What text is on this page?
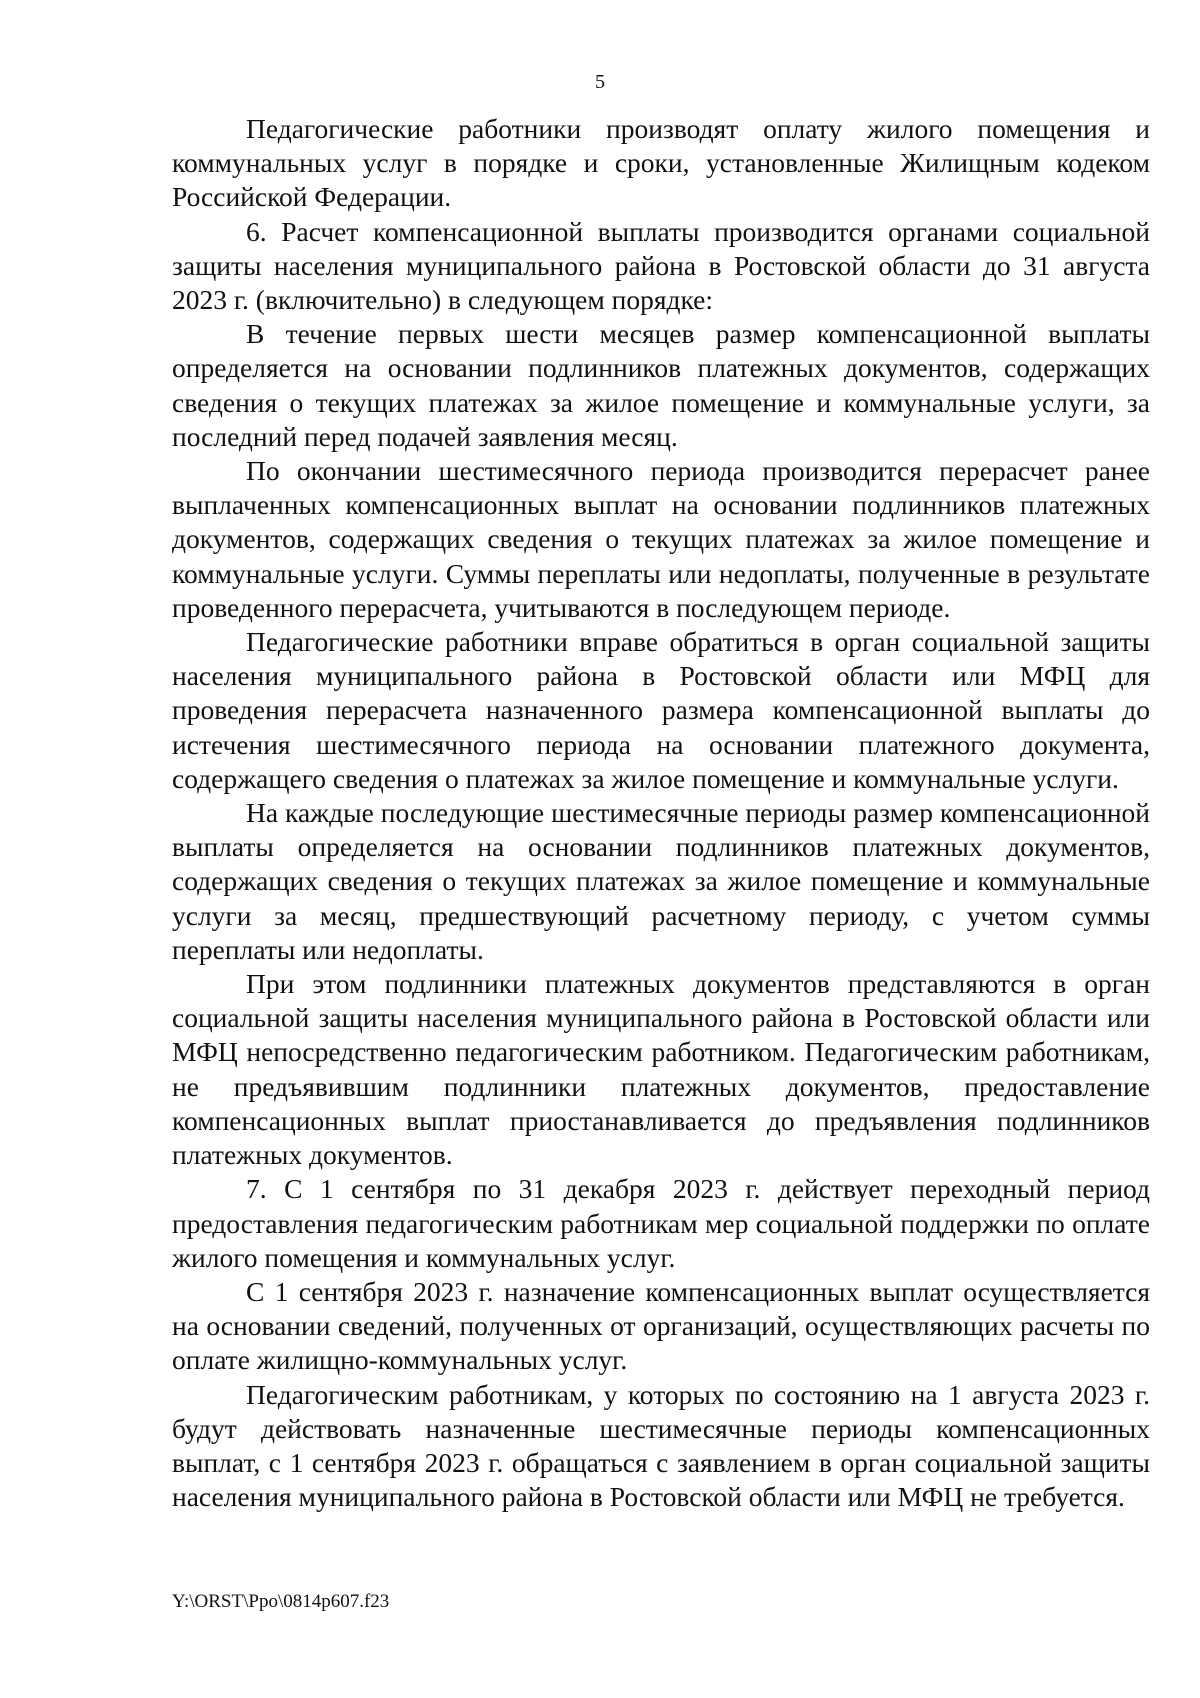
5

Педагогические работники производят оплату жилого помещения и коммунальных услуг в порядке и сроки, установленные Жилищным кодеком Российской Федерации.

6. Расчет компенсационной выплаты производится органами социальной защиты населения муниципального района в Ростовской области до 31 августа 2023 г. (включительно) в следующем порядке:

В течение первых шести месяцев размер компенсационной выплаты определяется на основании подлинников платежных документов, содержащих сведения о текущих платежах за жилое помещение и коммунальные услуги, за последний перед подачей заявления месяц.

По окончании шестимесячного периода производится перерасчет ранее выплаченных компенсационных выплат на основании подлинников платежных документов, содержащих сведения о текущих платежах за жилое помещение и коммунальные услуги. Суммы переплаты или недоплаты, полученные в результате проведенного перерасчета, учитываются в последующем периоде.

Педагогические работники вправе обратиться в орган социальной защиты населения муниципального района в Ростовской области или МФЦ для проведения перерасчета назначенного размера компенсационной выплаты до истечения шестимесячного периода на основании платежного документа, содержащего сведения о платежах за жилое помещение и коммунальные услуги.

На каждые последующие шестимесячные периоды размер компенсационной выплаты определяется на основании подлинников платежных документов, содержащих сведения о текущих платежах за жилое помещение и коммунальные услуги за месяц, предшествующий расчетному периоду, с учетом суммы переплаты или недоплаты.

При этом подлинники платежных документов представляются в орган социальной защиты населения муниципального района в Ростовской области или МФЦ непосредственно педагогическим работником. Педагогическим работникам, не предъявившим подлинники платежных документов, предоставление компенсационных выплат приостанавливается до предъявления подлинников платежных документов.

7. С 1 сентября по 31 декабря 2023 г. действует переходный период предоставления педагогическим работникам мер социальной поддержки по оплате жилого помещения и коммунальных услуг.

С 1 сентября 2023 г. назначение компенсационных выплат осуществляется на основании сведений, полученных от организаций, осуществляющих расчеты по оплате жилищно-коммунальных услуг.

Педагогическим работникам, у которых по состоянию на 1 августа 2023 г. будут действовать назначенные шестимесячные периоды компенсационных выплат, с 1 сентября 2023 г. обращаться с заявлением в орган социальной защиты населения муниципального района в Ростовской области или МФЦ не требуется.

Y:\ORST\Ppo\0814p607.f23
